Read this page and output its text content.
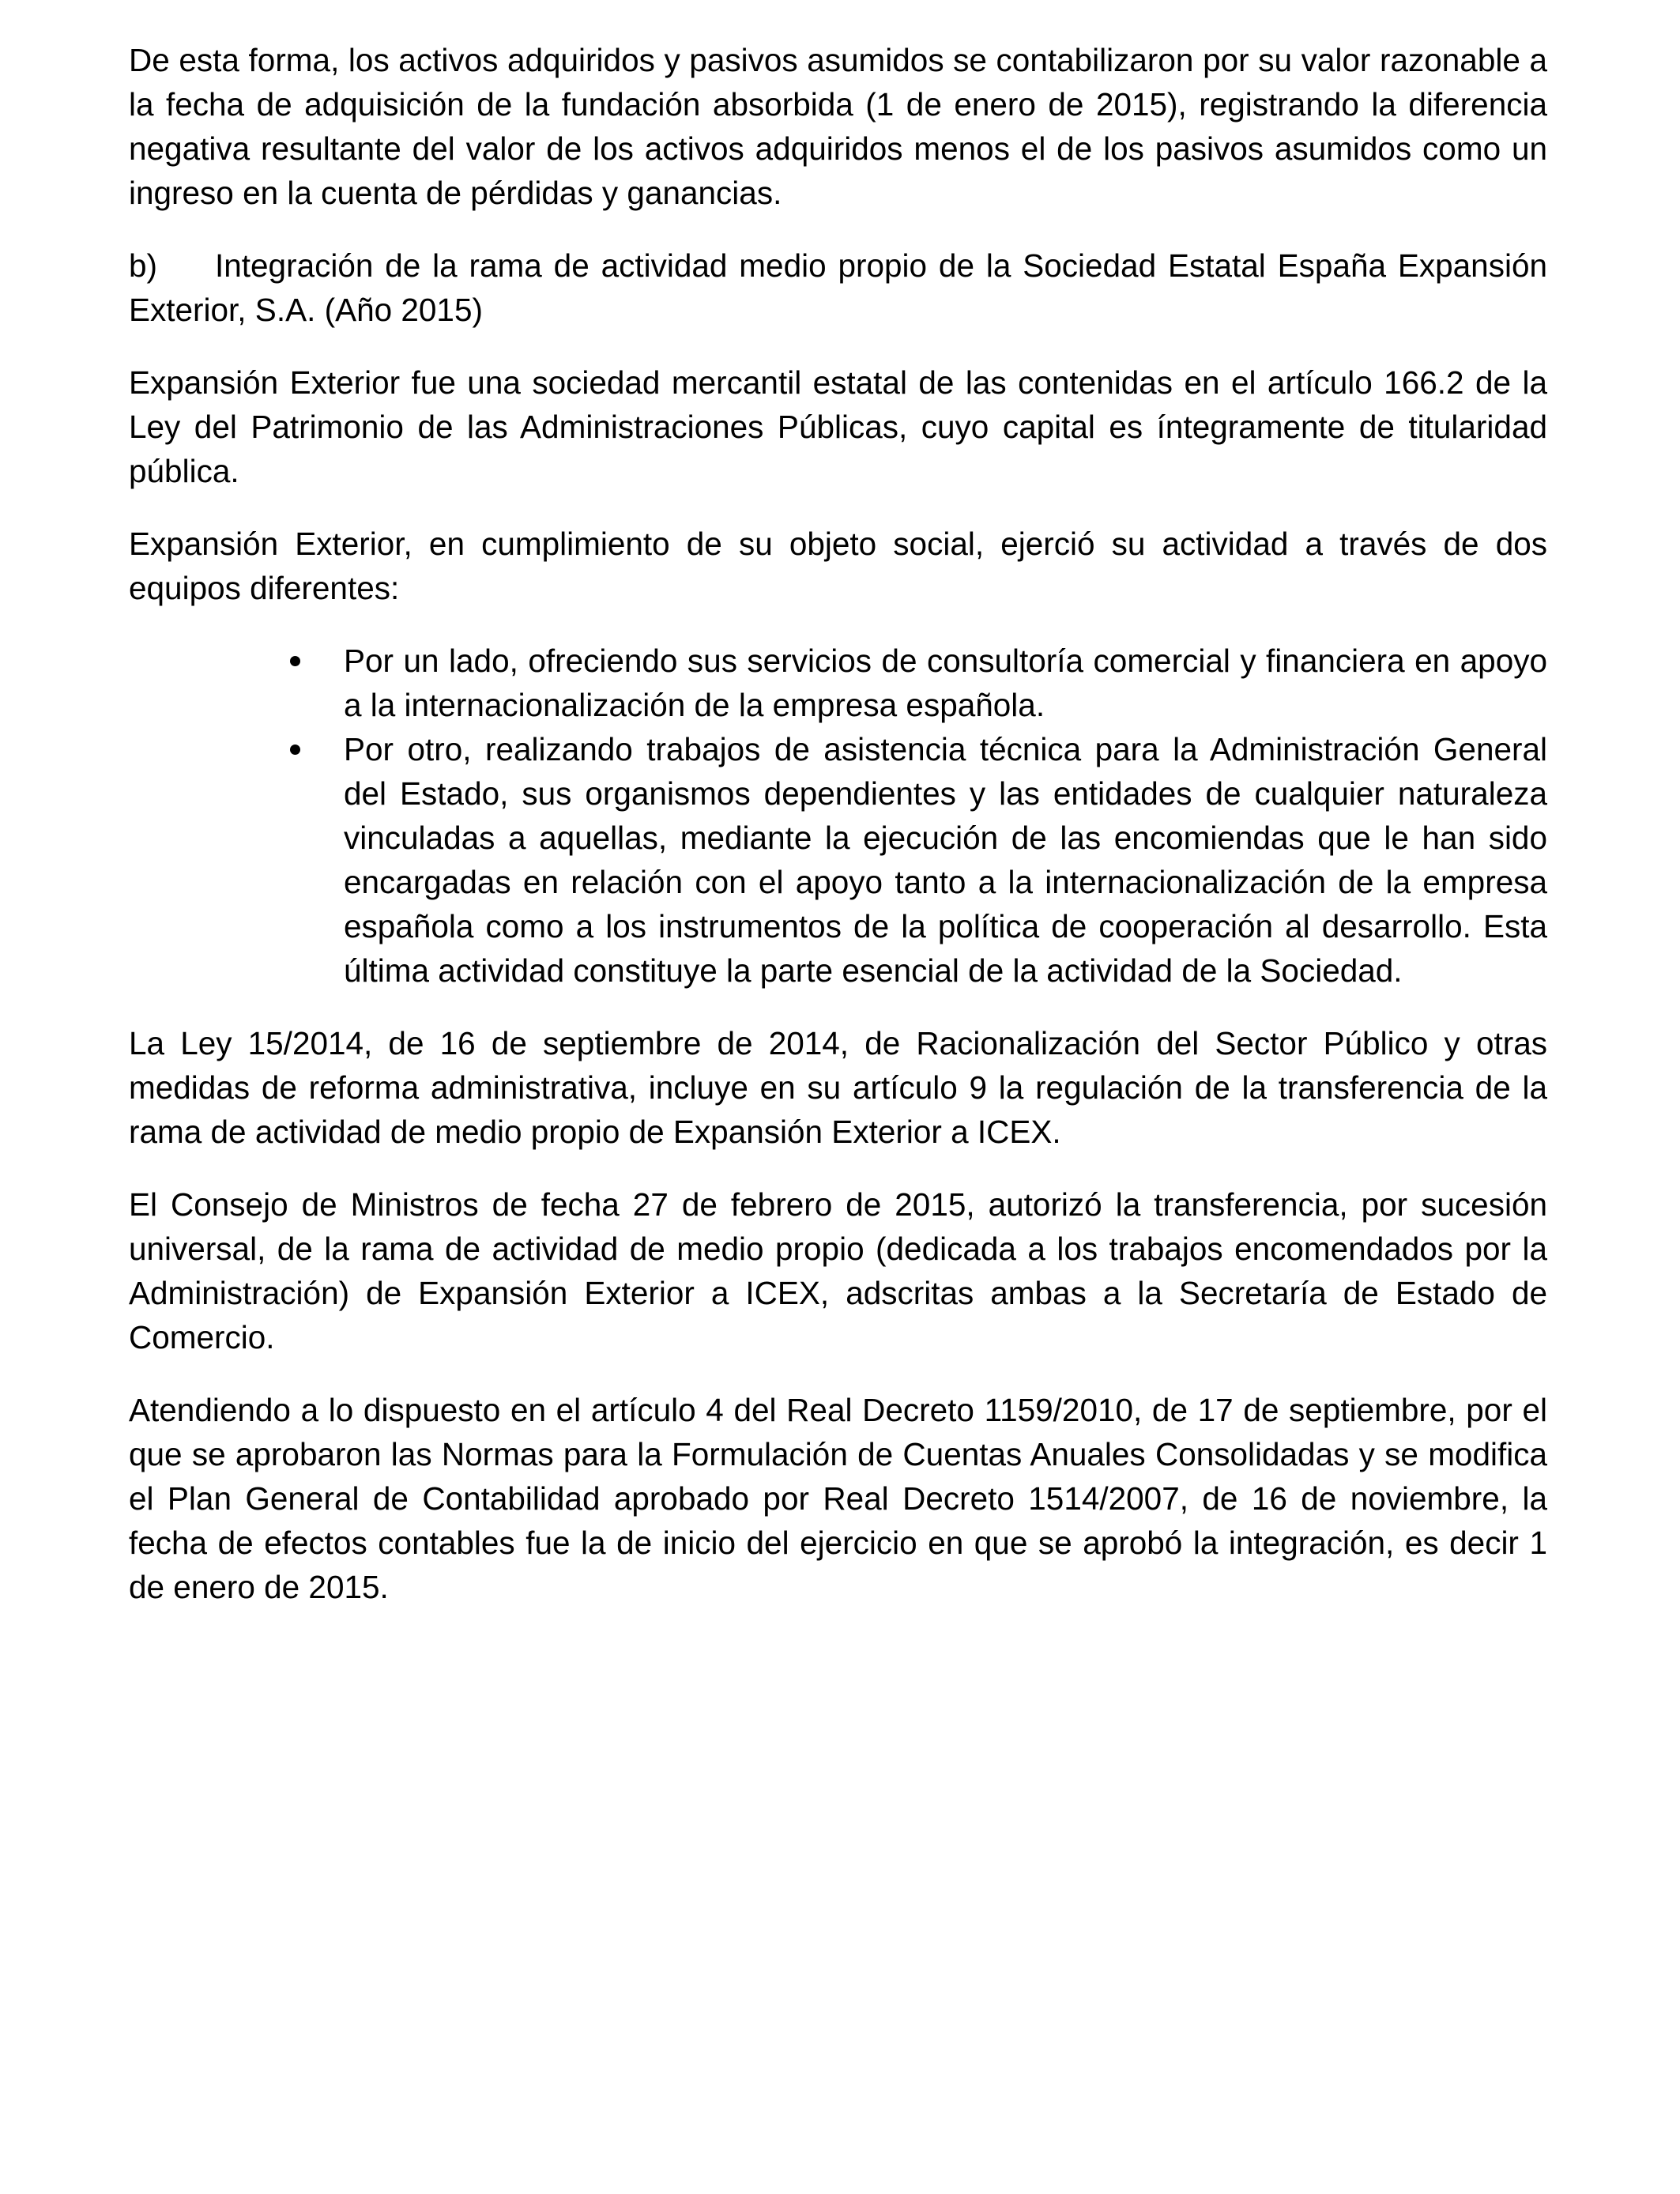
De esta forma, los activos adquiridos y pasivos asumidos se contabilizaron por su valor razonable a la fecha de adquisición de la fundación absorbida (1 de enero de 2015), registrando la diferencia negativa resultante del valor de los activos adquiridos menos el de los pasivos asumidos como un ingreso en la cuenta de pérdidas y ganancias.

b) Integración de la rama de actividad medio propio de la Sociedad Estatal España Expansión Exterior, S.A. (Año 2015)

Expansión Exterior fue una sociedad mercantil estatal de las contenidas en el artículo 166.2 de la Ley del Patrimonio de las Administraciones Públicas, cuyo capital es íntegramente de titularidad pública.

Expansión Exterior, en cumplimiento de su objeto social, ejerció su actividad a través de dos equipos diferentes:

Por un lado, ofreciendo sus servicios de consultoría comercial y financiera en apoyo a la internacionalización de la empresa española.
Por otro, realizando trabajos de asistencia técnica para la Administración General del Estado, sus organismos dependientes y las entidades de cualquier naturaleza vinculadas a aquellas, mediante la ejecución de las encomiendas que le han sido encargadas en relación con el apoyo tanto a la internacionalización de la empresa española como a los instrumentos de la política de cooperación al desarrollo. Esta última actividad constituye la parte esencial de la actividad de la Sociedad.

La Ley 15/2014, de 16 de septiembre de 2014, de Racionalización del Sector Público y otras medidas de reforma administrativa, incluye en su artículo 9 la regulación de la transferencia de la rama de actividad de medio propio de Expansión Exterior a ICEX.

El Consejo de Ministros de fecha 27 de febrero de 2015, autorizó la transferencia, por sucesión universal, de la rama de actividad de medio propio (dedicada a los trabajos encomendados por la Administración) de Expansión Exterior a ICEX, adscritas ambas a la Secretaría de Estado de Comercio.

Atendiendo a lo dispuesto en el artículo 4 del Real Decreto 1159/2010, de 17 de septiembre, por el que se aprobaron las Normas para la Formulación de Cuentas Anuales Consolidadas y se modifica el Plan General de Contabilidad aprobado por Real Decreto 1514/2007, de 16 de noviembre, la fecha de efectos contables fue la de inicio del ejercicio en que se aprobó la integración, es decir 1 de enero de 2015.
